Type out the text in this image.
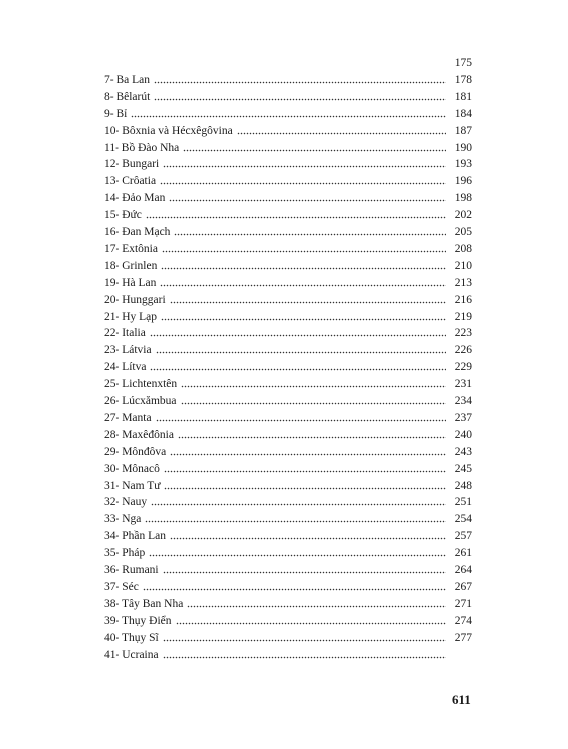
175
7- Ba Lan	178
8- Bêlarút	181
9- Bỉ	184
10- Bôxnia và Hécxêgôvina	187
11- Bồ Đào Nha	190
12- Bungari	193
13- Crôatia	196
14- Đảo Man	198
15- Đức	202
16- Đan Mạch	205
17- Extônia	208
18- Grinlen	210
19- Hà Lan	213
20- Hunggari	216
21- Hy Lạp	219
22- Italia	223
23- Látvia	226
24- Lítva	229
25- Lichtenxtên	231
26- Lúcxămbua	234
27- Manta	237
28- Maxêđônia	240
29- Mônđôva	243
30- Mônacô	245
31- Nam Tư	248
32- Nauy	251
33- Nga	254
34- Phần Lan	257
35- Pháp	261
36- Rumani	264
37- Séc	267
38- Tây Ban Nha	271
39- Thụy Điển	274
40- Thụy Sĩ	277
41- Ucraina
611
